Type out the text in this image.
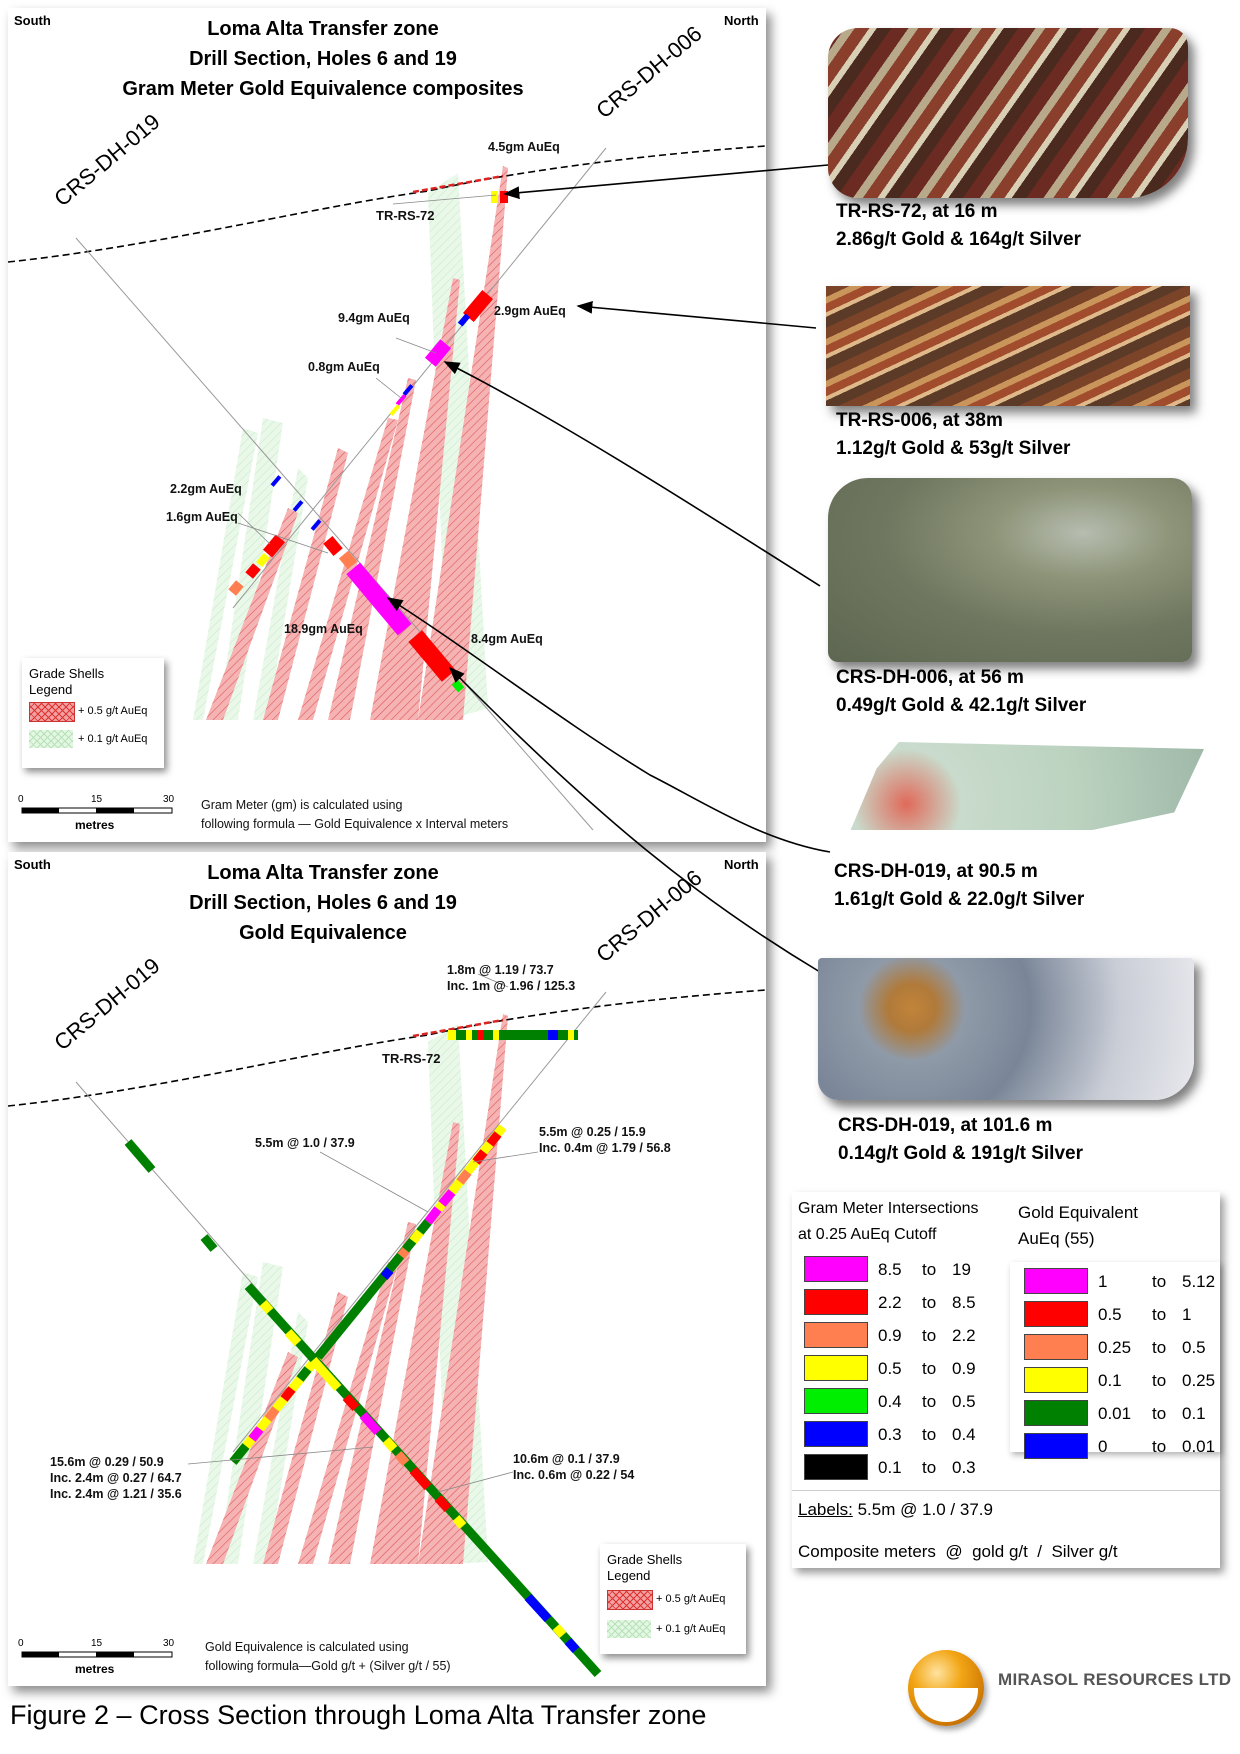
South	North
Loma Alta Transfer zone
Drill Section, Holes 6 and 19
Gram Meter Gold Equivalence composites
CRS-DH-019
CRS-DH-006
TR-RS-72
4.5gm AuEq
2.9gm AuEq
9.4gm AuEq
0.8gm AuEq
2.2gm AuEq
1.6gm AuEq
18.9gm AuEq
8.4gm AuEq
Grade Shells Legend
+ 0.5 g/t AuEq
+ 0.1 g/t AuEq
0	15	30
metres
Gram Meter (gm) is calculated using
following formula — Gold Equivalence x Interval meters
South	North
Loma Alta Transfer zone
Drill Section, Holes 6 and 19
Gold Equivalence
CRS-DH-019
CRS-DH-006
TR-RS-72
1.8m @ 1.19 / 73.7
Inc. 1m @ 1.96 / 125.3
5.5m @ 1.0 / 37.9
5.5m @ 0.25 / 15.9
Inc. 0.4m @ 1.79 / 56.8
15.6m @ 0.29 / 50.9
Inc. 2.4m @ 0.27 / 64.7
Inc. 2.4m @ 1.21 / 35.6
10.6m @ 0.1 / 37.9
Inc. 0.6m @ 0.22 / 54
Grade Shells Legend
+ 0.5 g/t AuEq
+ 0.1 g/t AuEq
0	15	30
metres
Gold Equivalence is calculated using
following formula—Gold g/t + (Silver g/t / 55)
TR-RS-72, at 16 m
2.86g/t Gold & 164g/t Silver
TR-RS-006, at 38m
1.12g/t Gold & 53g/t Silver
CRS-DH-006, at 56 m
0.49g/t Gold & 42.1g/t Silver
CRS-DH-019, at 90.5 m
1.61g/t Gold & 22.0g/t Silver
CRS-DH-019, at 101.6 m
0.14g/t Gold & 191g/t Silver
Gram Meter Intersections
at 0.25 AuEq Cutoff
Gold Equivalent
AuEq (55)
8.5 to 19
2.2 to 8.5
0.9 to 2.2
0.5 to 0.9
0.4 to 0.5
0.3 to 0.4
0.1 to 0.3
1	to 5.12
0.5 to 1
0.25 to 0.5
0.1 to 0.25
0.01 to 0.1
0	to 0.01
Labels: 5.5m @ 1.0 / 37.9
Composite meters  @  gold g/t  /  Silver g/t
Figure 2 – Cross Section through Loma Alta Transfer zone
MIRASOL RESOURCES LTD
